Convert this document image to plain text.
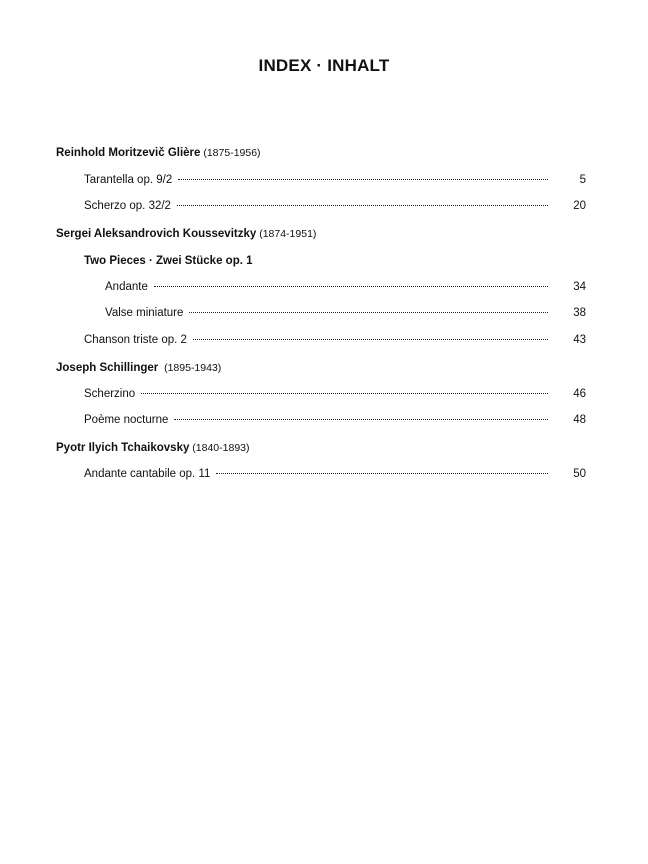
INDEX · INHALT
Reinhold Moritzevič Glière (1875-1956)
Tarantella op. 9/2	5
Scherzo op. 32/2	20
Sergei Aleksandrovich Koussevitzky (1874-1951)
Two Pieces · Zwei Stücke op. 1
Andante	34
Valse miniature	38
Chanson triste op. 2	43
Joseph Schillinger  (1895-1943)
Scherzino	46
Poème nocturne	48
Pyotr Ilyich Tchaikovsky (1840-1893)
Andante cantabile op. 11	50
